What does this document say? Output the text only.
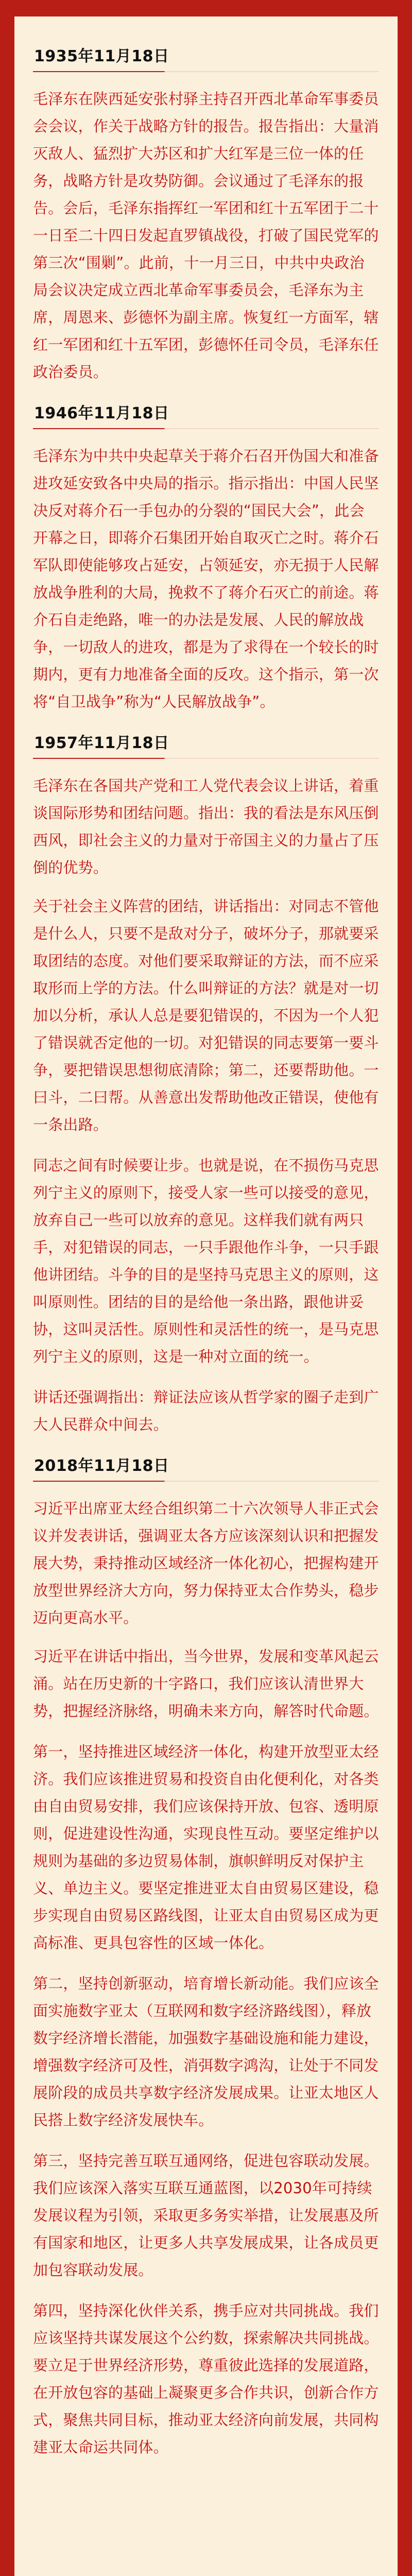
1935年11月18日

毛泽东在陕西延安张村驿主持召开西北革命军事委员会会议，作关于战略方针的报告。报告指出：大量消灭敌人、猛烈扩大苏区和扩大红军是三位一体的任务，战略方针是攻势防御。会议通过了毛泽东的报告。会后，毛泽东指挥红一军团和红十五军团于二十一日至二十四日发起直罗镇战役，打破了国民党军的第三次“围剿”。此前，十一月三日，中共中央政治局会议决定成立西北革命军事委员会，毛泽东为主席，周恩来、彭德怀为副主席。恢复红一方面军，辖红一军团和红十五军团，彭德怀任司令员，毛泽东任政治委员。

1946年11月18日

毛泽东为中共中央起草关于蒋介石召开伪国大和准备进攻延安致各中央局的指示。指示指出：中国人民坚决反对蒋介石一手包办的分裂的“国民大会”，此会开幕之日，即蒋介石集团开始自取灭亡之时。蒋介石军队即使能够攻占延安，占领延安，亦无损于人民解放战争胜利的大局，挽救不了蒋介石灭亡的前途。蒋介石自走绝路，唯一的办法是发展、人民的解放战争，一切敌人的进攻，都是为了求得在一个较长的时期内，更有力地准备全面的反攻。这个指示，第一次将“自卫战争”称为“人民解放战争”。

1957年11月18日

毛泽东在各国共产党和工人党代表会议上讲话，着重谈国际形势和团结问题。指出：我的看法是东风压倒西风，即社会主义的力量对于帝国主义的力量占了压倒的优势。

关于社会主义阵营的团结，讲话指出：对同志不管他是什么人，只要不是敌对分子，破坏分子，那就要采取团结的态度。对他们要采取辩证的方法，而不应采取形而上学的方法。什么叫辩证的方法？就是对一切加以分析，承认人总是要犯错误的，不因为一个人犯了错误就否定他的一切。对犯错误的同志要第一要斗争，要把错误思想彻底清除；第二，还要帮助他。一曰斗，二曰帮。从善意出发帮助他改正错误，使他有一条出路。

同志之间有时候要让步。也就是说，在不损伤马克思列宁主义的原则下，接受人家一些可以接受的意见，放弃自己一些可以放弃的意见。这样我们就有两只手，对犯错误的同志，一只手跟他作斗争，一只手跟他讲团结。斗争的目的是坚持马克思主义的原则，这叫原则性。团结的目的是给他一条出路，跟他讲妥协，这叫灵活性。原则性和灵活性的统一，是马克思列宁主义的原则，这是一种对立面的统一。

讲话还强调指出：辩证法应该从哲学家的圈子走到广大人民群众中间去。

2018年11月18日

习近平出席亚太经合组织第二十六次领导人非正式会议并发表讲话，强调亚太各方应该深刻认识和把握发展大势，秉持推动区域经济一体化初心，把握构建开放型世界经济大方向，努力保持亚太合作势头，稳步迈向更高水平。

习近平在讲话中指出，当今世界，发展和变革风起云涌。站在历史新的十字路口，我们应该认清世界大势，把握经济脉络，明确未来方向，解答时代命题。

第一，坚持推进区域经济一体化，构建开放型亚太经济。我们应该推进贸易和投资自由化便利化，对各类由自由贸易安排，我们应该保持开放、包容、透明原则，促进建设性沟通，实现良性互动。要坚定维护以规则为基础的多边贸易体制，旗帜鲜明反对保护主义、单边主义。要坚定推进亚太自由贸易区建设，稳步实现自由贸易区路线图，让亚太自由贸易区成为更高标准、更具包容性的区域一体化。

第二，坚持创新驱动，培育增长新动能。我们应该全面实施数字亚太（互联网和数字经济路线图），释放数字经济增长潜能，加强数字基础设施和能力建设，增强数字经济可及性，消弭数字鸿沟，让处于不同发展阶段的成员共享数字经济发展成果。让亚太地区人民搭上数字经济发展快车。

第三，坚持完善互联互通网络，促进包容联动发展。我们应该深入落实互联互通蓝图，以2030年可持续发展议程为引领，采取更多务实举措，让发展惠及所有国家和地区，让更多人共享发展成果，让各成员更加包容联动发展。

第四，坚持深化伙伴关系，携手应对共同挑战。我们应该坚持共谋发展这个公约数，探索解决共同挑战。要立足于世界经济形势，尊重彼此选择的发展道路，在开放包容的基础上凝聚更多合作共识，创新合作方式，聚焦共同目标，推动亚太经济向前发展，共同构建亚太命运共同体。
